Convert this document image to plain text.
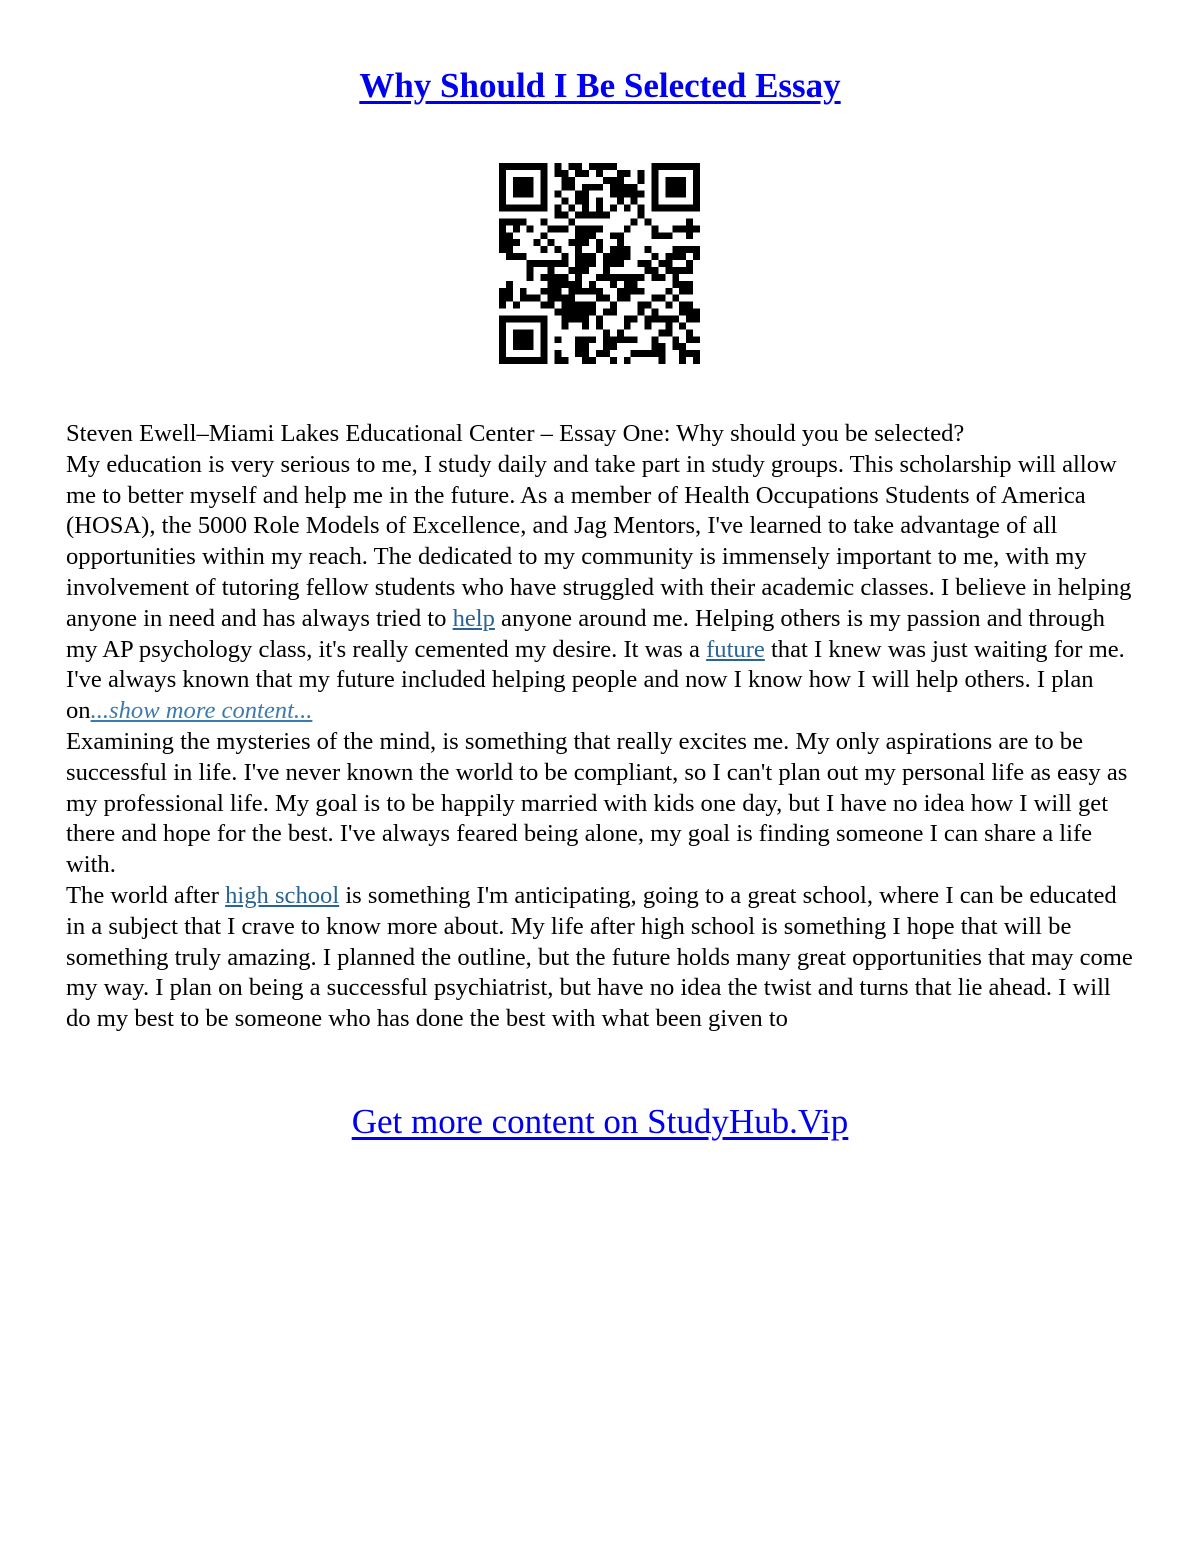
Why Should I Be Selected Essay

Steven Ewell–Miami Lakes Educational Center – Essay One: Why should you be selected?
My education is very serious to me, I study daily and take part in study groups. This scholarship will allow me to better myself and help me in the future. As a member of Health Occupations Students of America (HOSA), the 5000 Role Models of Excellence, and Jag Mentors, I've learned to take advantage of all opportunities within my reach. The dedicated to my community is immensely important to me, with my involvement of tutoring fellow students who have struggled with their academic classes. I believe in helping anyone in need and has always tried to help anyone around me. Helping others is my passion and through my AP psychology class, it's really cemented my desire. It was a future that I knew was just waiting for me. I've always known that my future included helping people and now I know how I will help others. I plan on...show more content...
Examining the mysteries of the mind, is something that really excites me. My only aspirations are to be successful in life. I've never known the world to be compliant, so I can't plan out my personal life as easy as my professional life. My goal is to be happily married with kids one day, but I have no idea how I will get there and hope for the best. I've always feared being alone, my goal is finding someone I can share a life with.

The world after high school is something I'm anticipating, going to a great school, where I can be educated in a subject that I crave to know more about. My life after high school is something I hope that will be something truly amazing. I planned the outline, but the future holds many great opportunities that may come my way. I plan on being a successful psychiatrist, but have no idea the twist and turns that lie ahead. I will do my best to be someone who has done the best with what been given to

Get more content on StudyHub.Vip
